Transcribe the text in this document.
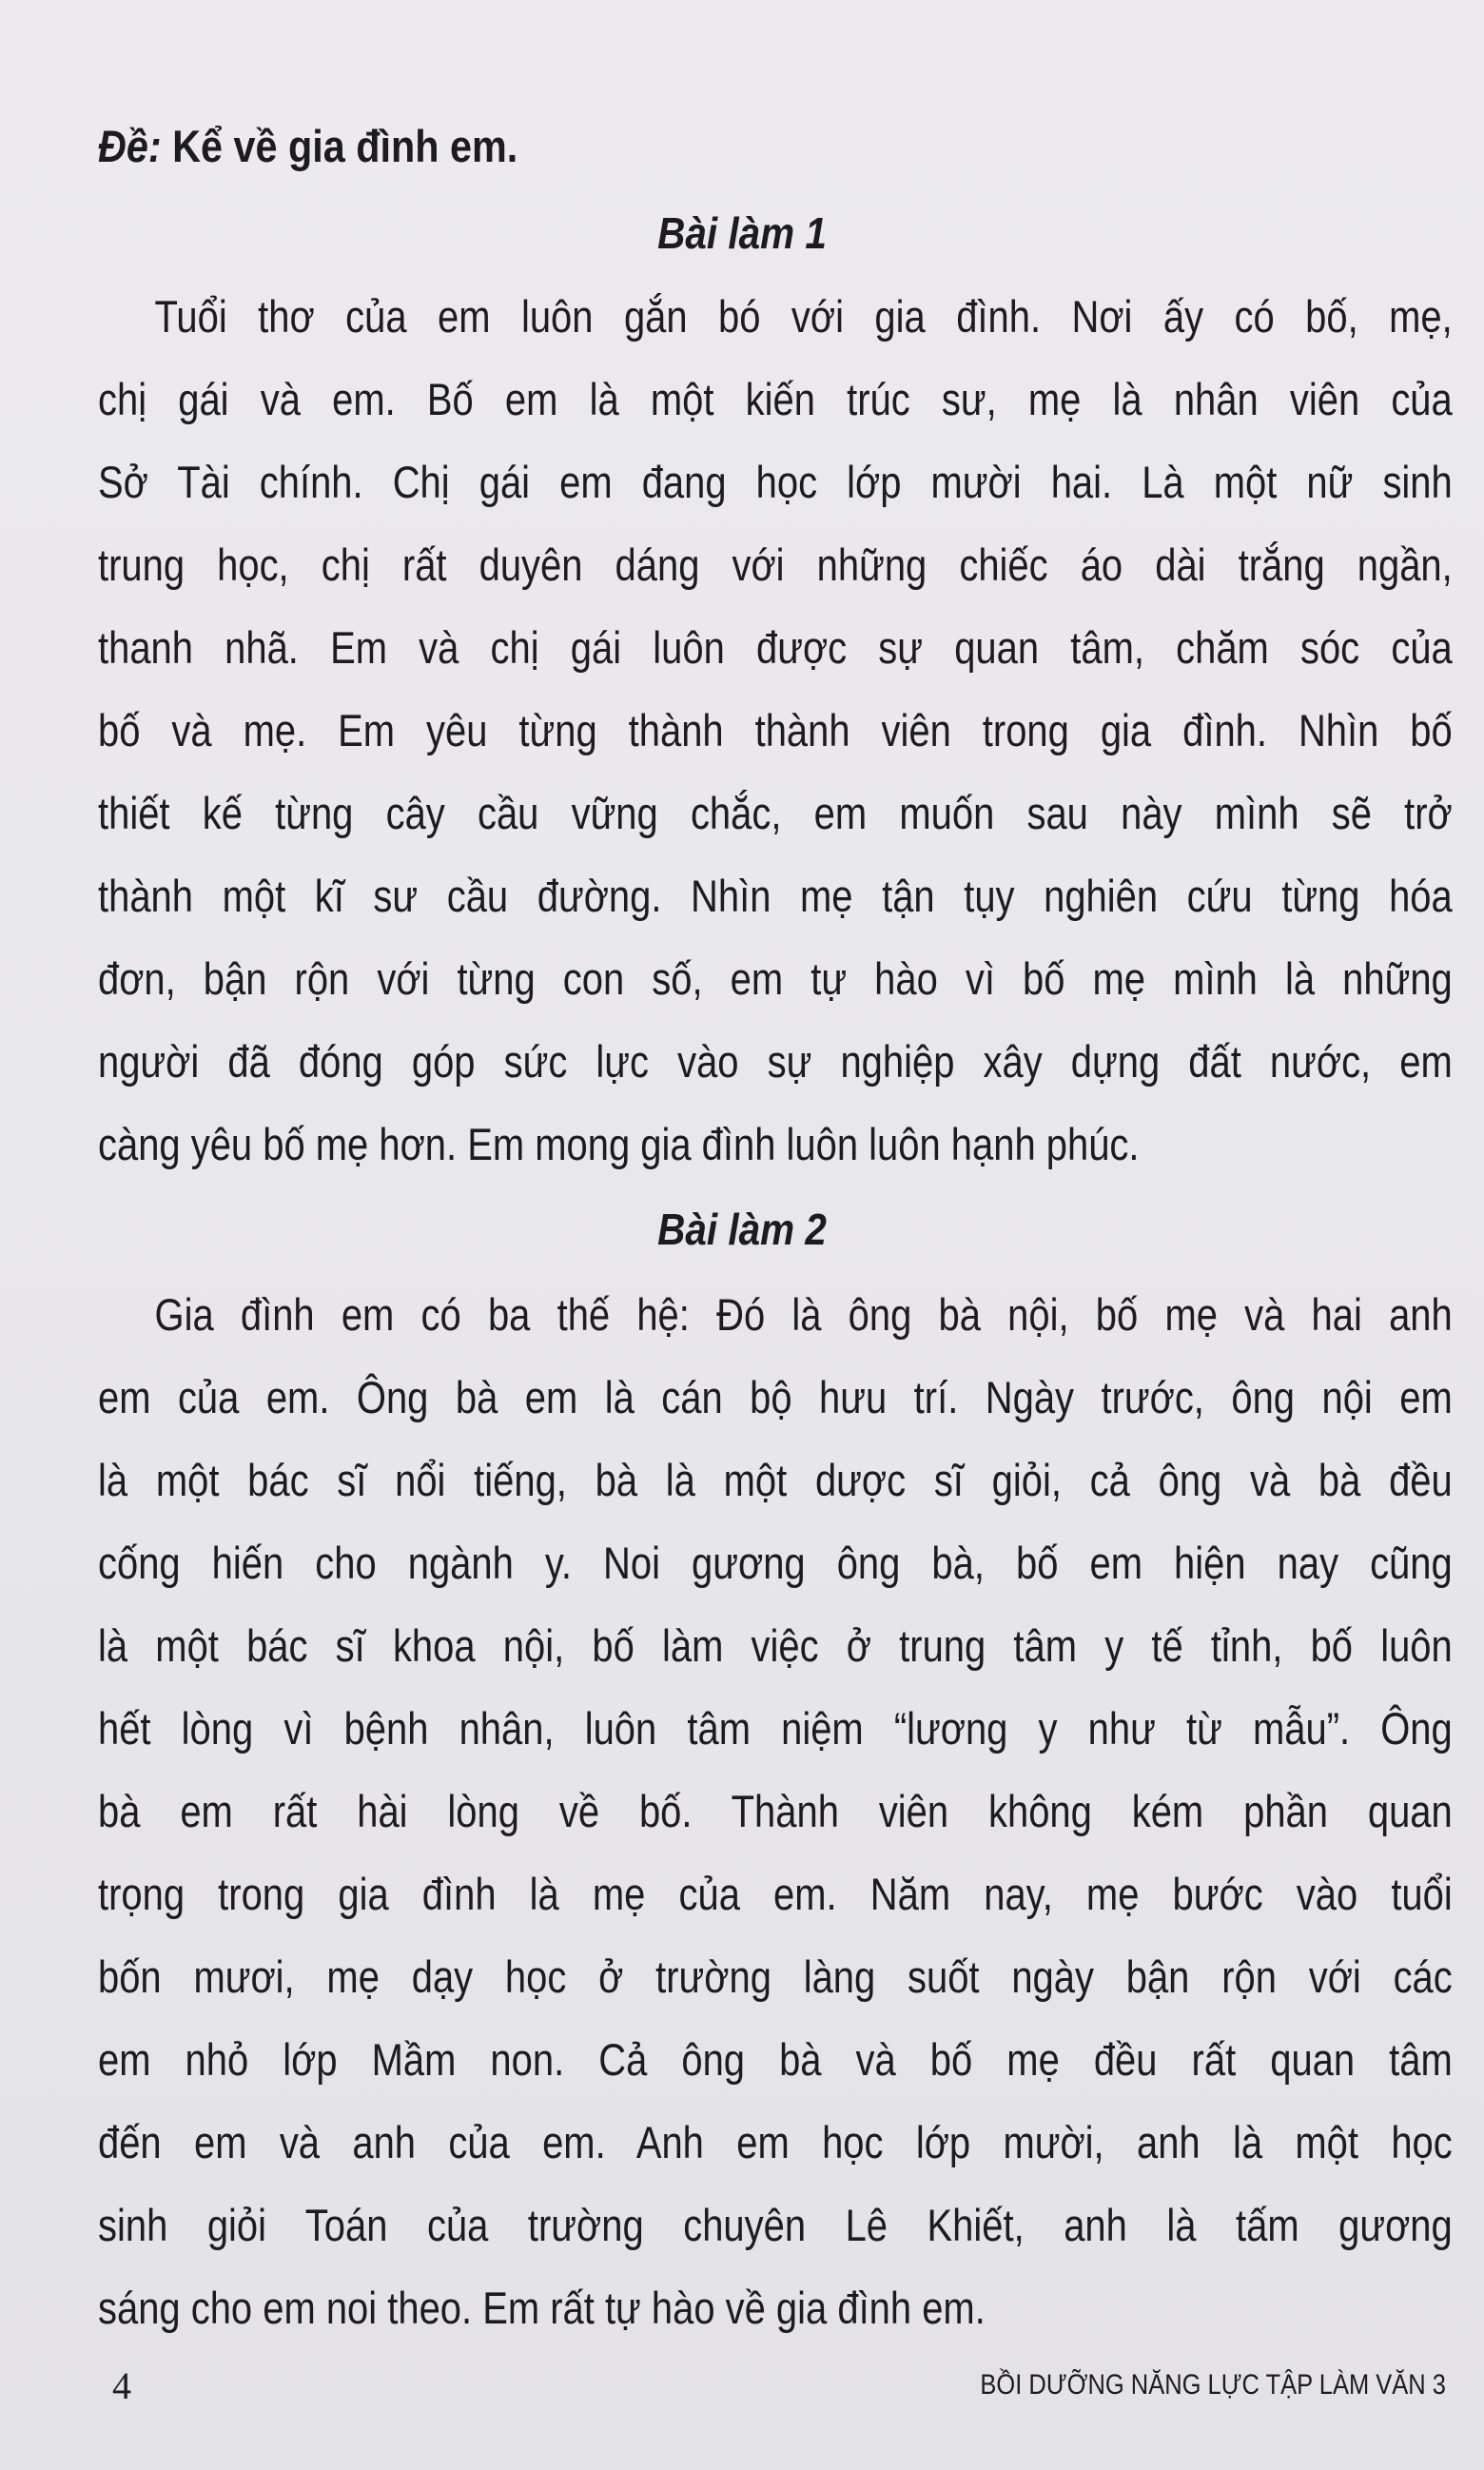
Đề: Kể về gia đình em.
Bài làm 1
Tuổi thơ của em luôn gắn bó với gia đình. Nơi ấy có bố, mẹ,
chị gái và em. Bố em là một kiến trúc sư, mẹ là nhân viên của
Sở Tài chính. Chị gái em đang học lớp mười hai. Là một nữ sinh
trung học, chị rất duyên dáng với những chiếc áo dài trắng ngần,
thanh nhã. Em và chị gái luôn được sự quan tâm, chăm sóc của
bố và mẹ. Em yêu từng thành thành viên trong gia đình. Nhìn bố
thiết kế từng cây cầu vững chắc, em muốn sau này mình sẽ trở
thành một kĩ sư cầu đường. Nhìn mẹ tận tụy nghiên cứu từng hóa
đơn, bận rộn với từng con số, em tự hào vì bố mẹ mình là những
người đã đóng góp sức lực vào sự nghiệp xây dựng đất nước, em
càng yêu bố mẹ hơn. Em mong gia đình luôn luôn hạnh phúc.
Bài làm 2
Gia đình em có ba thế hệ: Đó là ông bà nội, bố mẹ và hai anh
em của em. Ông bà em là cán bộ hưu trí. Ngày trước, ông nội em
là một bác sĩ nổi tiếng, bà là một dược sĩ giỏi, cả ông và bà đều
cống hiến cho ngành y. Noi gương ông bà, bố em hiện nay cũng
là một bác sĩ khoa nội, bố làm việc ở trung tâm y tế tỉnh, bố luôn
hết lòng vì bệnh nhân, luôn tâm niệm “lương y như từ mẫu”. Ông
bà em rất hài lòng về bố. Thành viên không kém phần quan
trọng trong gia đình là mẹ của em. Năm nay, mẹ bước vào tuổi
bốn mươi, mẹ dạy học ở trường làng suốt ngày bận rộn với các
em nhỏ lớp Mầm non. Cả ông bà và bố mẹ đều rất quan tâm
đến em và anh của em. Anh em học lớp mười, anh là một học
sinh giỏi Toán của trường chuyên Lê Khiết, anh là tấm gương
sáng cho em noi theo. Em rất tự hào về gia đình em.
4	BỒI DƯỠNG NĂNG LỰC TẬP LÀM VĂN 3
